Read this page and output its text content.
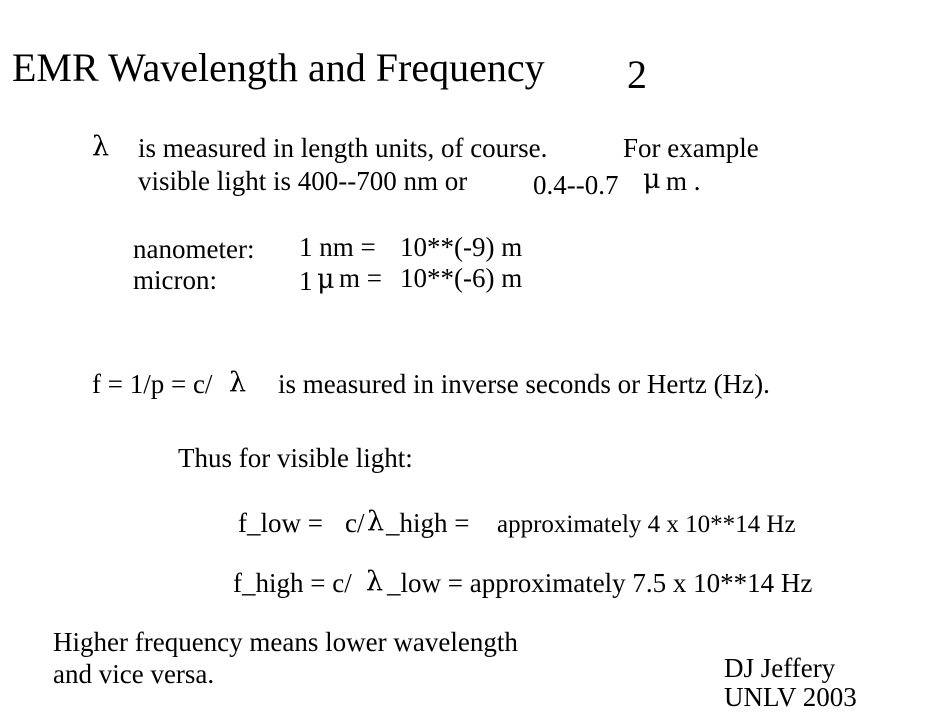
EMR Wavelength and Frequency 2
λ is measured in length units, of course.	For example
visible light is 400--700 nm or 0.4--0.7 μ m .
nanometer: 1 nm = 10**(-9) m
micron:	1 μ m = 10**(-6) m
f = 1/p = c/ λ is measured in inverse seconds or Hertz (Hz).
Thus for visible light:
f_low = c/ λ _high = approximately 4 x 10**14 Hz
f_high = c/ λ _low = approximately 7.5 x 10**14 Hz
Higher frequency means lower wavelength
and vice versa.	DJ Jeffery
UNLV 2003
